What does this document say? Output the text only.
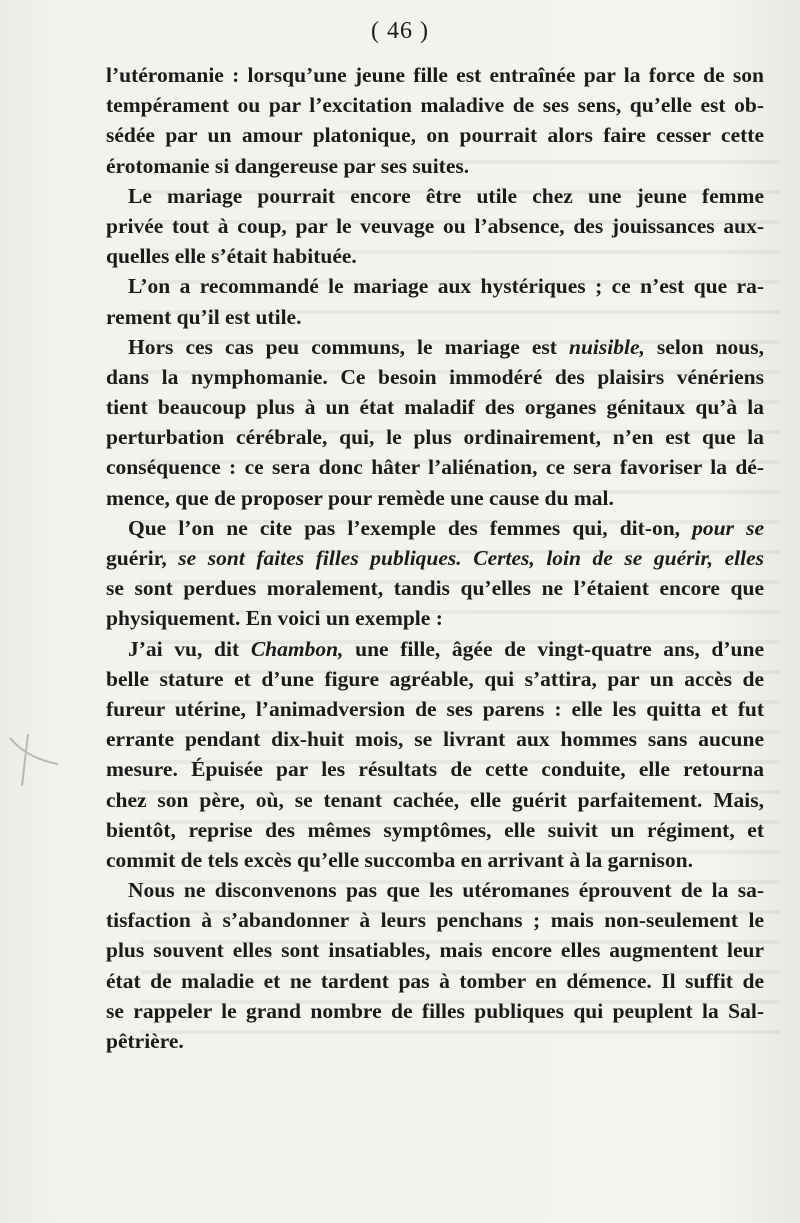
( 46 )
l’utéromanie : lorsqu’une jeune fille est entraînée par la force de son
tempérament ou par l’excitation maladive de ses sens, qu’elle est ob-
sédée par un amour platonique, on pourrait alors faire cesser cette
érotomanie si dangereuse par ses suites.
Le mariage pourrait encore être utile chez une jeune femme
privée tout à coup, par le veuvage ou l’absence, des jouissances aux-
quelles elle s’était habituée.
L’on a recommandé le mariage aux hystériques ; ce n’est que ra-
rement qu’il est utile.
Hors ces cas peu communs, le mariage est nuisible, selon nous,
dans la nymphomanie. Ce besoin immodéré des plaisirs vénériens
tient beaucoup plus à un état maladif des organes génitaux qu’à la
perturbation cérébrale, qui, le plus ordinairement, n’en est que la
conséquence : ce sera donc hâter l’aliénation, ce sera favoriser la dé-
mence, que de proposer pour remède une cause du mal.
Que l’on ne cite pas l’exemple des femmes qui, dit-on, pour se
guérir, se sont faites filles publiques. Certes, loin de se guérir, elles
se sont perdues moralement, tandis qu’elles ne l’étaient encore que
physiquement. En voici un exemple :
J’ai vu, dit Chambon, une fille, âgée de vingt-quatre ans, d’une
belle stature et d’une figure agréable, qui s’attira, par un accès de
fureur utérine, l’animadversion de ses parens : elle les quitta et fut
errante pendant dix-huit mois, se livrant aux hommes sans aucune
mesure. Épuisée par les résultats de cette conduite, elle retourna
chez son père, où, se tenant cachée, elle guérit parfaitement. Mais,
bientôt, reprise des mêmes symptômes, elle suivit un régiment, et
commit de tels excès qu’elle succomba en arrivant à la garnison.
Nous ne disconvenons pas que les utéromanes éprouvent de la sa-
tisfaction à s’abandonner à leurs penchans ; mais non-seulement le
plus souvent elles sont insatiables, mais encore elles augmentent leur
état de maladie et ne tardent pas à tomber en démence. Il suffit de
se rappeler le grand nombre de filles publiques qui peuplent la Sal-
pêtrière.
